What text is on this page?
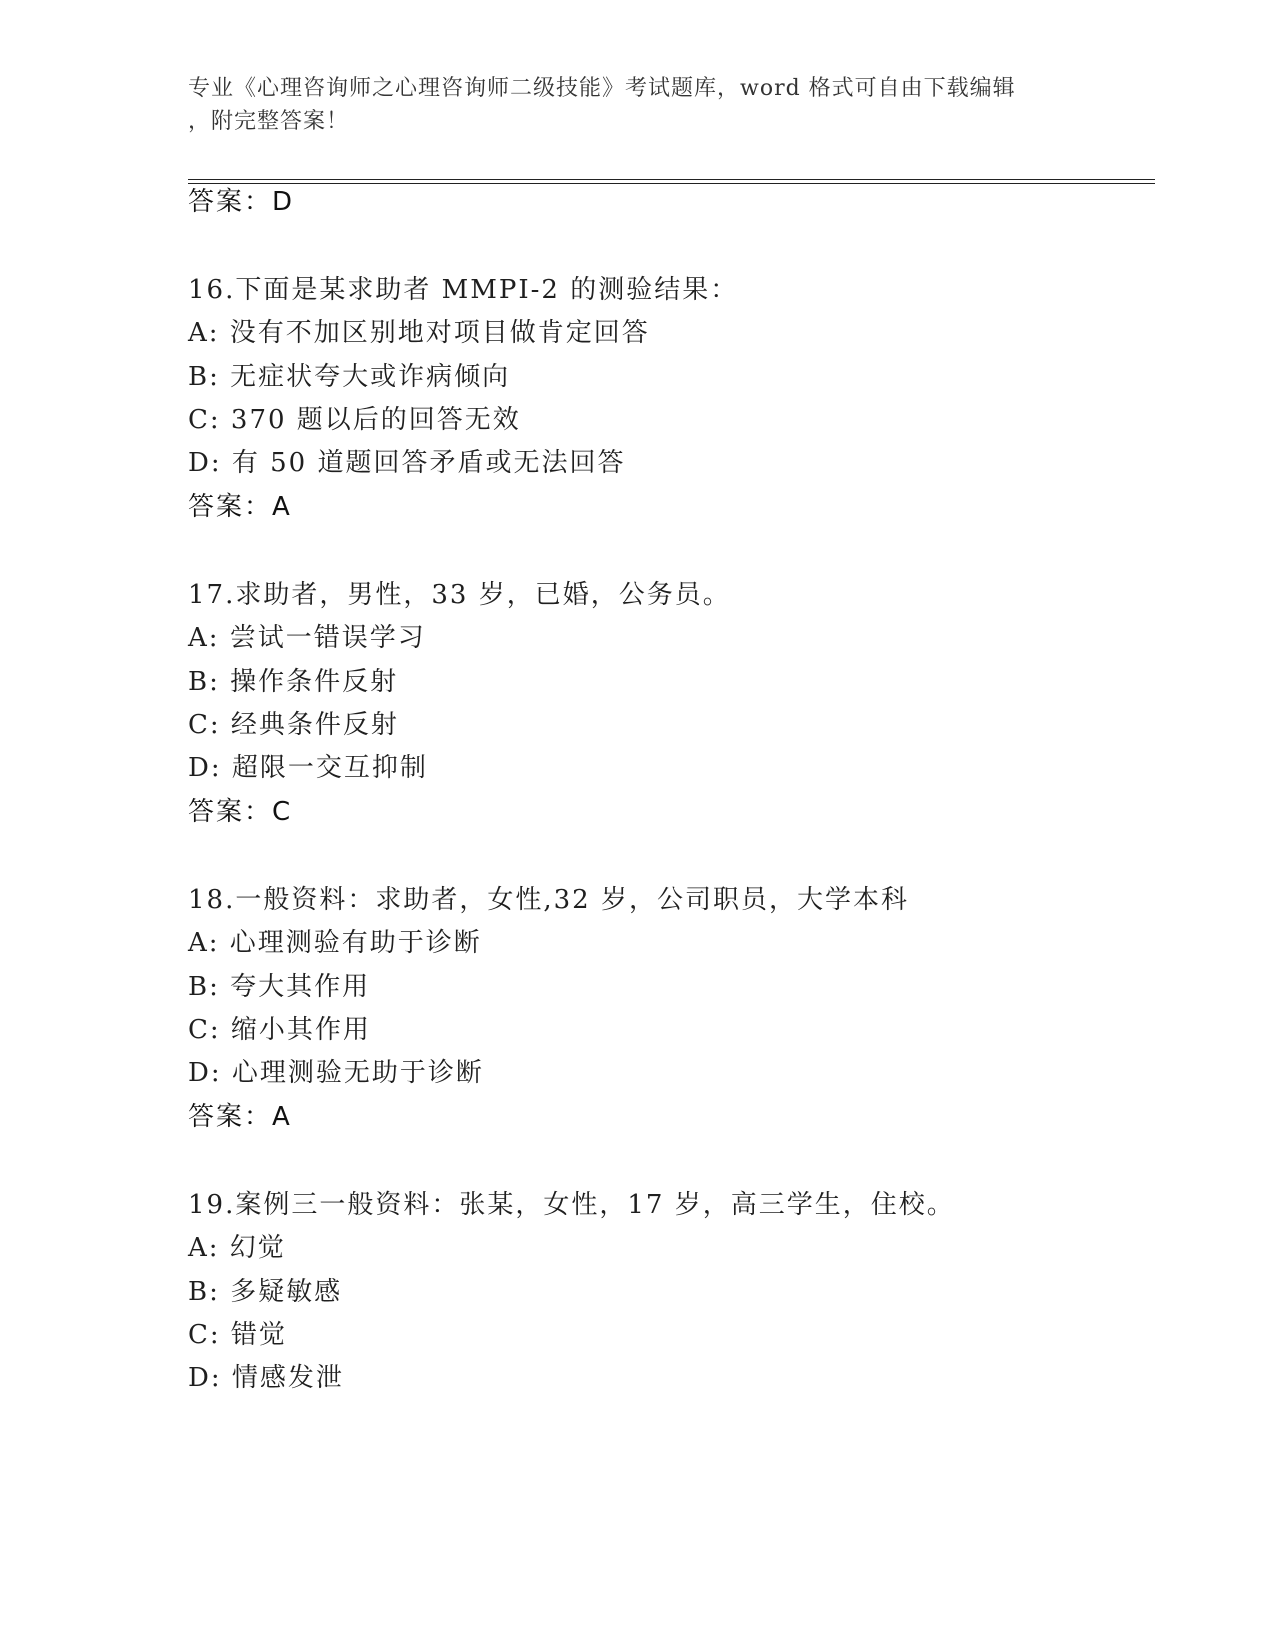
专业《心理咨询师之心理咨询师二级技能》考试题库，word 格式可自由下载编辑
，附完整答案！
答案：D
16.下面是某求助者 MMPI-2 的测验结果：
A: 没有不加区别地对项目做肯定回答
B: 无症状夸大或诈病倾向
C: 370 题以后的回答无效
D: 有 50 道题回答矛盾或无法回答
答案：A
17.求助者，男性，33 岁，已婚，公务员。
A: 尝试一错误学习
B: 操作条件反射
C: 经典条件反射
D: 超限一交互抑制
答案：C
18.一般资料：求助者，女性,32 岁，公司职员，大学本科
A: 心理测验有助于诊断
B: 夸大其作用
C: 缩小其作用
D: 心理测验无助于诊断
答案：A
19.案例三一般资料：张某，女性，17 岁，高三学生，住校。
A: 幻觉
B: 多疑敏感
C: 错觉
D: 情感发泄
